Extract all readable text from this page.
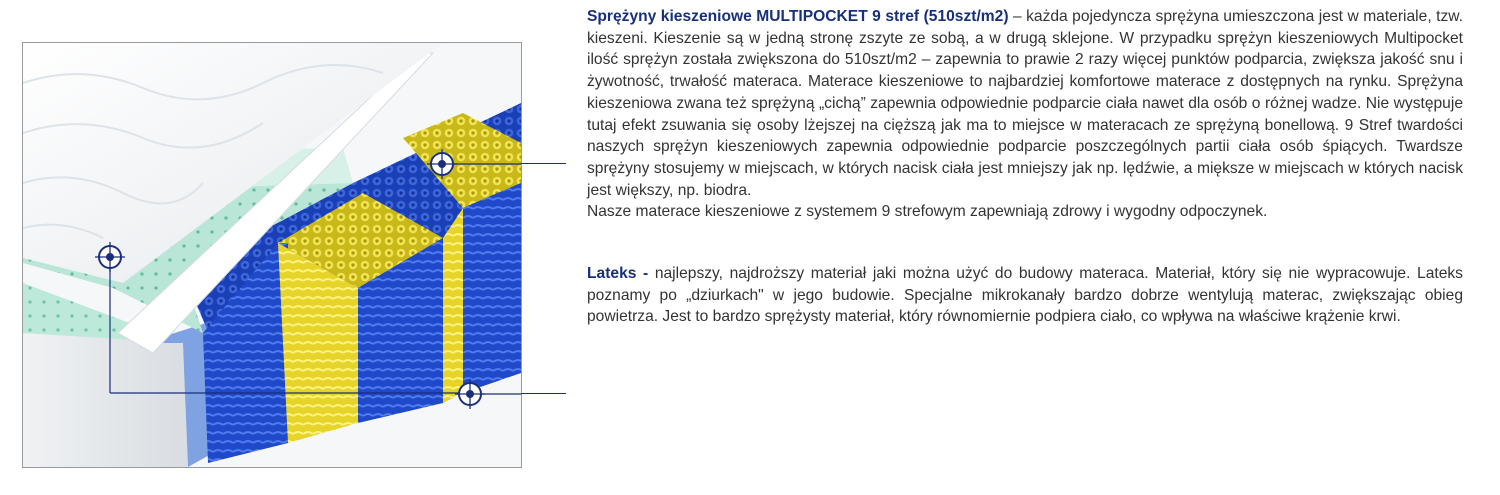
Sprężyny kieszeniowe MULTIPOCKET 9 stref (510szt/m2) – każda pojedyncza sprężyna umieszczona jest w materiale, tzw. kieszeni. Kieszenie są w jedną stronę zszyte ze sobą, a w drugą sklejone. W przypadku sprężyn kieszeniowych Multipocket ilość sprężyn została zwiększona do 510szt/m2 – zapewnia to prawie 2 razy więcej punktów podparcia, zwiększa jakość snu i żywotność, trwałość materaca. Materace kieszeniowe to najbardziej komfortowe materace z dostępnych na rynku. Sprężyna kieszeniowa zwana też sprężyną „cichą” zapewnia odpowiednie podparcie ciała nawet dla osób o różnej wadze. Nie występuje tutaj efekt zsuwania się osoby lżejszej na cięższą jak ma to miejsce w materacach ze sprężyną bonellową. 9 Stref twardości naszych sprężyn kieszeniowych zapewnia odpowiednie podparcie poszczególnych partii ciała osób śpiących. Twardsze sprężyny stosujemy w miejscach, w których nacisk ciała jest mniejszy jak np. lędźwie, a miększe w miejscach w których nacisk jest większy, np. biodra.

Nasze materace kieszeniowe z systemem 9 strefowym zapewniają zdrowy i wygodny odpoczynek.

Lateks - najlepszy, najdroższy materiał jaki można użyć do budowy materaca. Materiał, który się nie wypracowuje. Lateks poznamy po „dziurkach" w jego budowie. Specjalne mikrokanały bardzo dobrze wentylują materac, zwiększając obieg powietrza. Jest to bardzo sprężysty materiał, który równomiernie podpiera ciało, co wpływa na właściwe krążenie krwi.
